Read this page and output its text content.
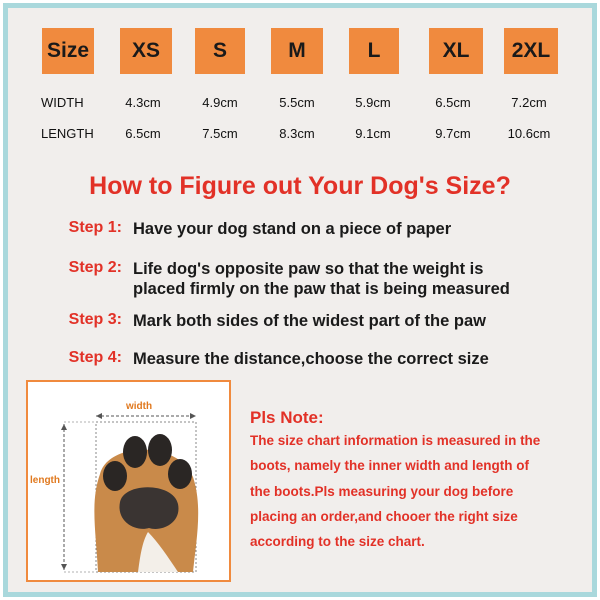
Size	XS	S	M	L	XL	2XL
WIDTH	4.3cm	4.9cm	5.5cm	5.9cm	6.5cm	7.2cm
LENGTH	6.5cm	7.5cm	8.3cm	9.1cm	9.7cm	10.6cm
How to Figure out Your Dog's Size?
Step 1: Have your dog stand on a piece of paper
Step 2: Life dog's opposite paw so that the weight is
placed firmly on the paw that is being measured
Step 3: Mark both sides of the widest part of the paw
Step 4: Measure the distance,choose the correct size
width
length
Pls Note:
The size chart information is measured in the
boots, namely the inner width and length of
the boots.Pls measuring your dog before
placing an order,and chooer the right size
according to the size chart.
